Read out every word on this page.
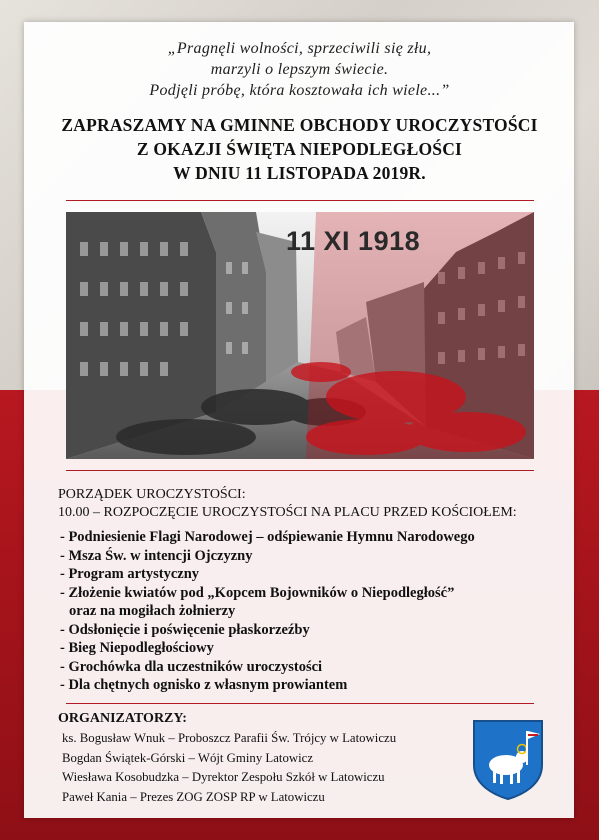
„Pragnęli wolności, sprzeciwili się złu,
marzyli o lepszym świecie.
Podjęli próbę, która kosztowała ich wiele...”
ZAPRASZAMY NA GMINNE OBCHODY UROCZYSTOŚCI
Z OKAZJI ŚWIĘTA NIEPODLEGŁOŚCI
W DNIU 11 LISTOPADA 2019R.
11 XI 1918
PORZĄDEK UROCZYSTOŚCI:
10.00 – ROZPOCZĘCIE UROCZYSTOŚCI NA PLACU PRZED KOŚCIOŁEM:
- Podniesienie Flagi Narodowej – odśpiewanie Hymnu Narodowego
- Msza Św. w intencji Ojczyzny
- Program artystyczny
- Złożenie kwiatów pod „Kopcem Bojowników o Niepodległość”
oraz na mogiłach żołnierzy
- Odsłonięcie i poświęcenie płaskorzeźby
- Bieg Niepodległościowy
- Grochówka dla uczestników uroczystości
- Dla chętnych ognisko z własnym prowiantem
ORGANIZATORZY:
ks. Bogusław Wnuk – Proboszcz Parafii Św. Trójcy w Latowiczu
Bogdan Świątek-Górski – Wójt Gminy Latowicz
Wiesława Kosobudzka – Dyrektor Zespołu Szkół w Latowiczu
Paweł Kania – Prezes ZOG ZOSP RP w Latowiczu
